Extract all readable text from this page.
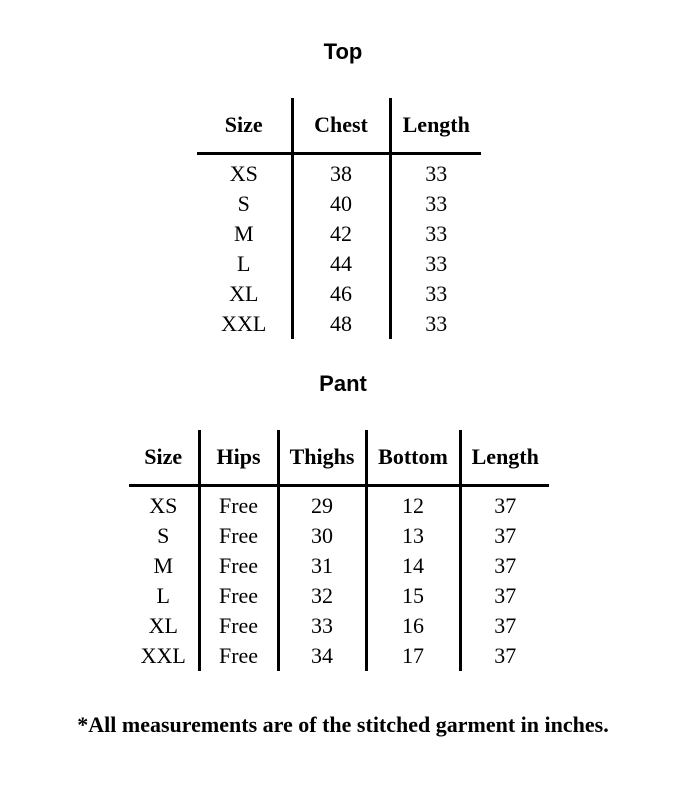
Top
Size	Chest	Length
XS	38	33
S	40	33
M	42	33
L	44	33
XL	46	33
XXL	48	33
Pant
Size	Hips	Thighs	Bottom	Length
XS	Free	29	12	37
S	Free	30	13	37
M	Free	31	14	37
L	Free	32	15	37
XL	Free	33	16	37
XXL	Free	34	17	37

*All measurements are of the stitched garment in inches.
